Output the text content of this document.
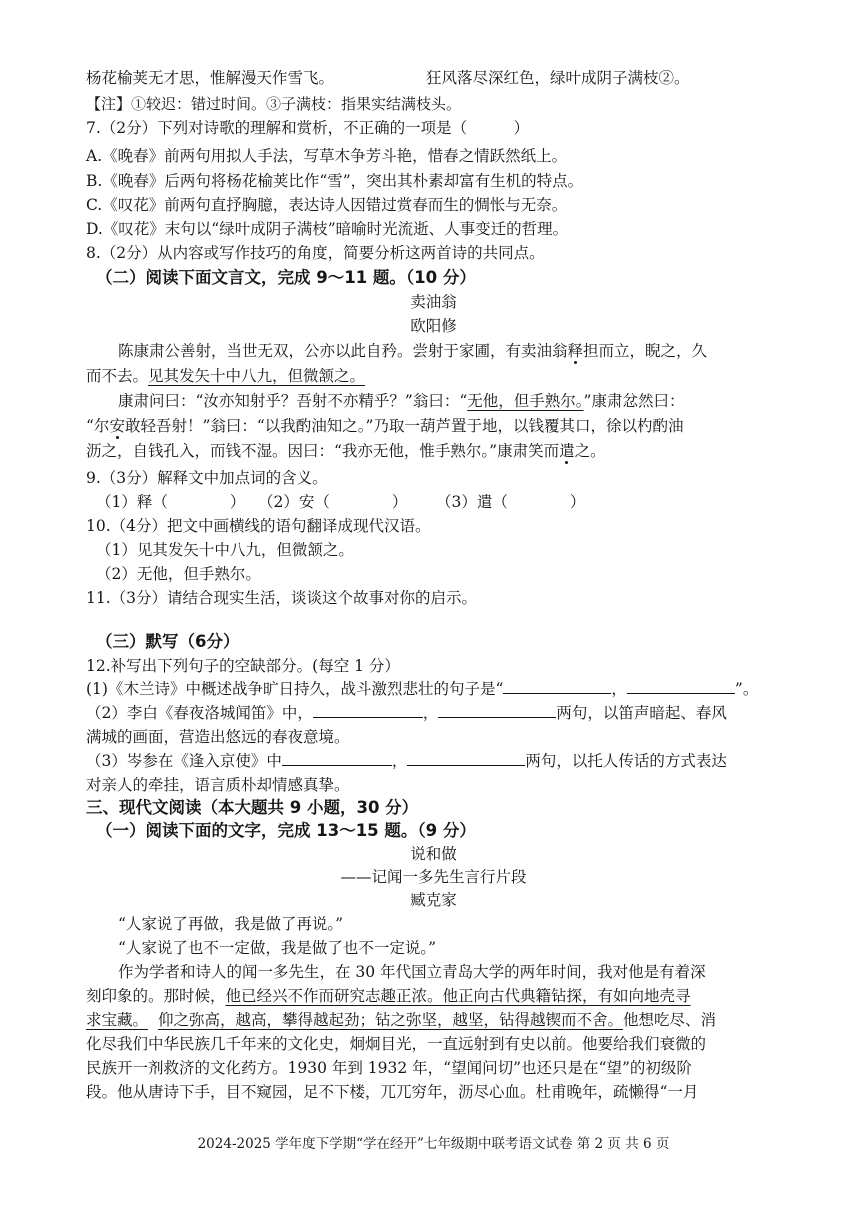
杨花榆荚无才思，惟解漫天作雪飞。	狂风落尽深红色，绿叶成阴子满枝②。
【注】①较迟：错过时间。③子满枝：指果实结满枝头。
7.（2分）下列对诗歌的理解和赏析，不正确的一项是（　　　）
A.《晚春》前两句用拟人手法，写草木争芳斗艳，惜春之情跃然纸上。
B.《晚春》后两句将杨花榆荚比作“雪”，突出其朴素却富有生机的特点。
C.《叹花》前两句直抒胸臆，表达诗人因错过赏春而生的惆怅与无奈。
D.《叹花》末句以“绿叶成阴子满枝”暗喻时光流逝、人事变迁的哲理。
8.（2分）从内容或写作技巧的角度，简要分析这两首诗的共同点。
（二）阅读下面文言文，完成 9～11 题。（10 分）
卖油翁
欧阳修
陈康肃公善射，当世无双，公亦以此自矜。尝射于家圃，有卖油翁释担而立，睨之，久
而不去。见其发矢十中八九，但微颔之。
康肃问曰：“汝亦知射乎？吾射不亦精乎？”翁曰：“无他，但手熟尔。”康肃忿然曰：
“尔安敢轻吾射！”翁曰：“以我酌油知之。”乃取一葫芦置于地，以钱覆其口，徐以杓酌油
沥之，自钱孔入，而钱不湿。因曰：“我亦无他，惟手熟尔。”康肃笑而遣之。
9.（3分）解释文中加点词的含义。
（1）释（　　　　） （2）安（　　　　） （3）遣（　　　　）
10.（4分）把文中画横线的语句翻译成现代汉语。
（1）见其发矢十中八九，但微颔之。
（2）无他，但手熟尔。
11.（3分）请结合现实生活，谈谈这个故事对你的启示。
（三）默写（6分）
12.补写出下列句子的空缺部分。(每空 1 分）
(1)《木兰诗》中概述战争旷日持久，战斗激烈悲壮的句子是“	，	”。
（2）李白《春夜洛城闻笛》中，	，	两句，以笛声暗起、春风
满城的画面，营造出悠远的春夜意境。
（3）岑参在《逢入京使》中	，	两句，以托人传话的方式表达
对亲人的牵挂，语言质朴却情感真挚。
三、现代文阅读（本大题共 9 小题，30 分）
（一）阅读下面的文字，完成 13～15 题。（9 分）
说和做
——记闻一多先生言行片段
臧克家
“人家说了再做，我是做了再说。”
“人家说了也不一定做，我是做了也不一定说。”
作为学者和诗人的闻一多先生，在 30 年代国立青岛大学的两年时间，我对他是有着深
刻印象的。那时候，他已经兴不作而研究志趣正浓。他正向古代典籍钻探，有如向地壳寻
求宝藏。 仰之弥高，越高，攀得越起劲；钻之弥坚，越坚，钻得越锲而不舍。他想吃尽、消
化尽我们中华民族几千年来的文化史，炯炯目光，一直远射到有史以前。他要给我们衰微的
民族开一剂救济的文化药方。1930 年到 1932 年，“望闻问切”也还只是在“望”的初级阶
段。他从唐诗下手，目不窥园，足不下楼，兀兀穷年，沥尽心血。杜甫晚年，疏懒得“一月
2024-2025 学年度下学期“学在经开”七年级期中联考语文试卷 第 2 页 共 6 页
